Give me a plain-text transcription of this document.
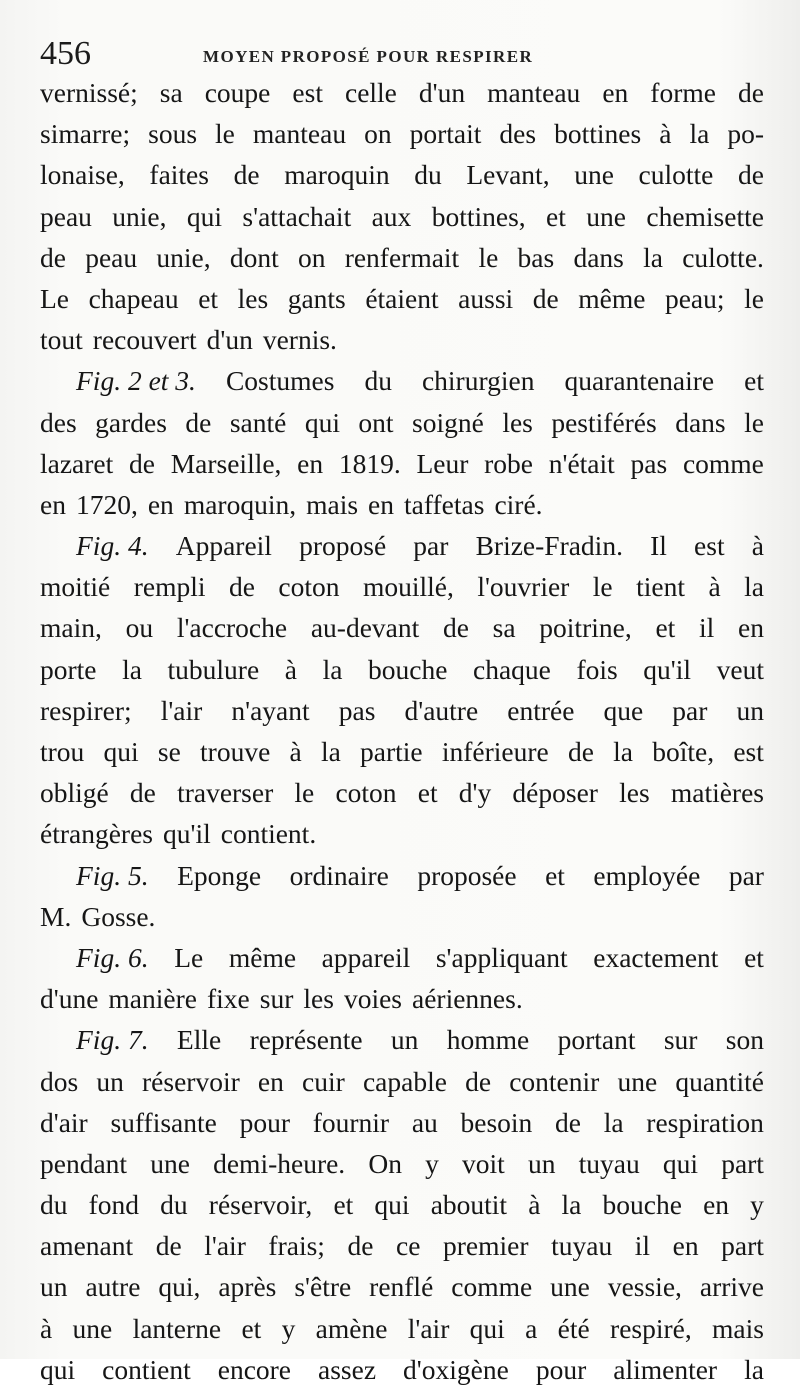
456	MOYEN PROPOSÉ POUR RESPIRER
vernissé; sa coupe est celle d'un manteau en forme de
simarre; sous le manteau on portait des bottines à la po-
lonaise, faites de maroquin du Levant, une culotte de
peau unie, qui s'attachait aux bottines, et une chemisette
de peau unie, dont on renfermait le bas dans la culotte.
Le chapeau et les gants étaient aussi de même peau; le
tout recouvert d'un vernis.
Fig. 2 et 3. Costumes du chirurgien quarantenaire et
des gardes de santé qui ont soigné les pestiférés dans le
lazaret de Marseille, en 1819. Leur robe n'était pas comme
en 1720, en maroquin, mais en taffetas ciré.
Fig. 4. Appareil proposé par Brize-Fradin. Il est à
moitié rempli de coton mouillé, l'ouvrier le tient à la
main, ou l'accroche au-devant de sa poitrine, et il en
porte la tubulure à la bouche chaque fois qu'il veut
respirer; l'air n'ayant pas d'autre entrée que par un
trou qui se trouve à la partie inférieure de la boîte, est
obligé de traverser le coton et d'y déposer les matières
étrangères qu'il contient.
Fig. 5. Eponge ordinaire proposée et employée par
M. Gosse.
Fig. 6. Le même appareil s'appliquant exactement et
d'une manière fixe sur les voies aériennes.
Fig. 7. Elle représente un homme portant sur son
dos un réservoir en cuir capable de contenir une quantité
d'air suffisante pour fournir au besoin de la respiration
pendant une demi-heure. On y voit un tuyau qui part
du fond du réservoir, et qui aboutit à la bouche en y
amenant de l'air frais; de ce premier tuyau il en part
un autre qui, après s'être renflé comme une vessie, arrive
à une lanterne et y amène l'air qui a été respiré, mais
qui contient encore assez d'oxigène pour alimenter la
